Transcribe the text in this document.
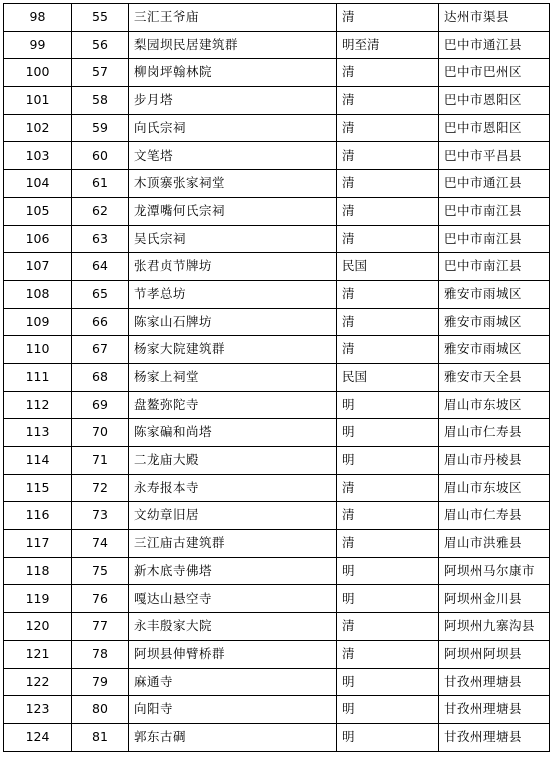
98	55	三汇王爷庙	清	达州市渠县
99	56	梨园坝民居建筑群	明至清	巴中市通江县
100	57	柳岗坪翰林院	清	巴中市巴州区
101	58	步月塔	清	巴中市恩阳区
102	59	向氏宗祠	清	巴中市恩阳区
103	60	文笔塔	清	巴中市平昌县
104	61	木顶寨张家祠堂	清	巴中市通江县
105	62	龙潭嘴何氏宗祠	清	巴中市南江县
106	63	吴氏宗祠	清	巴中市南江县
107	64	张君贞节牌坊	民国	巴中市南江县
108	65	节孝总坊	清	雅安市雨城区
109	66	陈家山石牌坊	清	雅安市雨城区
110	67	杨家大院建筑群	清	雅安市雨城区
111	68	杨家上祠堂	民国	雅安市天全县
112	69	盘鳌弥陀寺	明	眉山市东坡区
113	70	陈家碥和尚塔	明	眉山市仁寿县
114	71	二龙庙大殿	明	眉山市丹棱县
115	72	永寿报本寺	清	眉山市东坡区
116	73	文幼章旧居	清	眉山市仁寿县
117	74	三江庙古建筑群	清	眉山市洪雅县
118	75	新木底寺佛塔	明	阿坝州马尔康市
119	76	嘎达山悬空寺	明	阿坝州金川县
120	77	永丰殷家大院	清	阿坝州九寨沟县
121	78	阿坝县伸臂桥群	清	阿坝州阿坝县
122	79	麻通寺	明	甘孜州理塘县
123	80	向阳寺	明	甘孜州理塘县
124	81	郭东古碉	明	甘孜州理塘县
